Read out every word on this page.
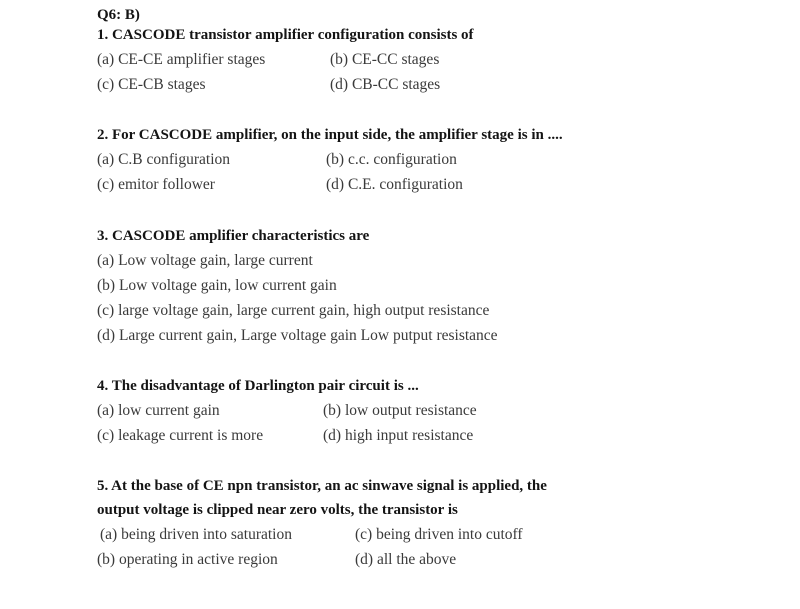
Q6: B)
1. CASCODE transistor amplifier configuration consists of
(a) CE-CE amplifier stages	(b) CE-CC stages
(c) CE-CB stages	(d) CB-CC stages
2. For CASCODE amplifier, on the input side, the amplifier stage is in ....
(a) C.B configuration	(b) c.c. configuration
(c) emitor follower	(d) C.E. configuration
3. CASCODE amplifier characteristics are
(a) Low voltage gain, large current
(b) Low voltage gain, low current gain
(c) large voltage gain, large current gain, high output resistance
(d) Large current gain, Large voltage gain Low putput resistance
4. The disadvantage of Darlington pair circuit is ...
(a) low current gain	(b) low output resistance
(c) leakage current is more	(d) high input resistance
5. At the base of CE npn transistor, an ac sinwave signal is applied, the
output voltage is clipped near zero volts, the transistor is
(a) being driven into saturation	(c) being driven into cutoff
(b) operating in active region	(d) all the above
